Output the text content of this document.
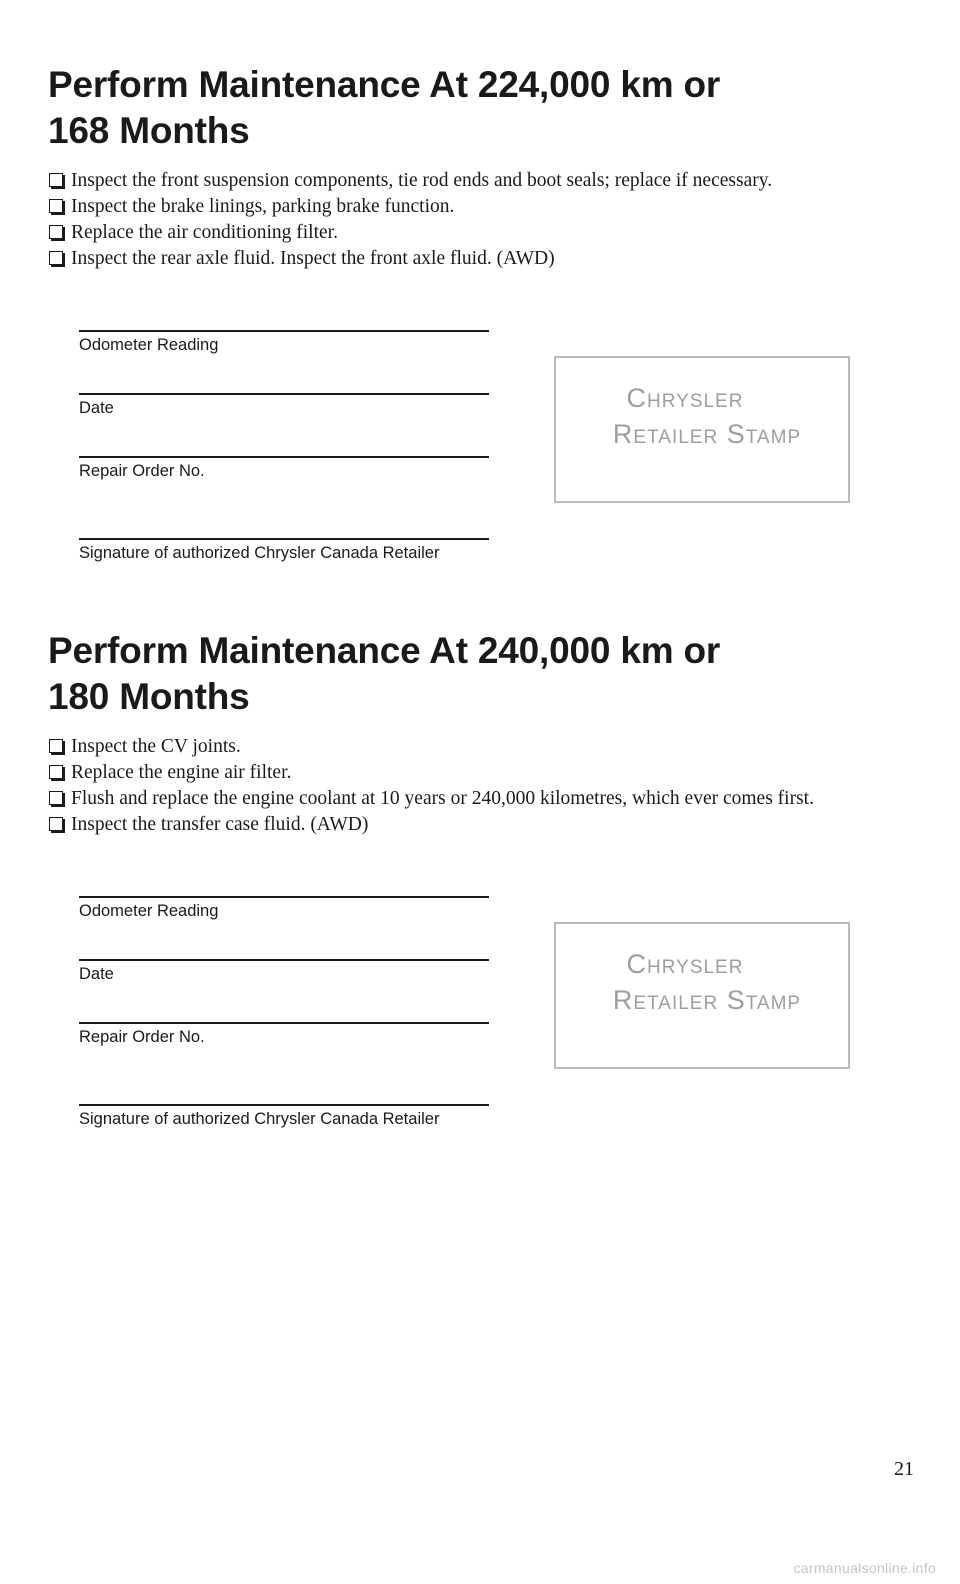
Perform Maintenance At 224,000 km or
168 Months
Inspect the front suspension components, tie rod ends and boot seals; replace if necessary.
Inspect the brake linings, parking brake function.
Replace the air conditioning filter.
Inspect the rear axle fluid. Inspect the front axle fluid. (AWD)
Odometer Reading
Date
Repair Order No.
Signature of authorized Chrysler Canada Retailer
Chrysler
Retailer Stamp
Perform Maintenance At 240,000 km or
180 Months
Inspect the CV joints.
Replace the engine air filter.
Flush and replace the engine coolant at 10 years or 240,000 kilometres, which ever comes first.
Inspect the transfer case fluid. (AWD)
Odometer Reading
Date
Repair Order No.
Signature of authorized Chrysler Canada Retailer
Chrysler
Retailer Stamp
21
carmanualsonline.info
